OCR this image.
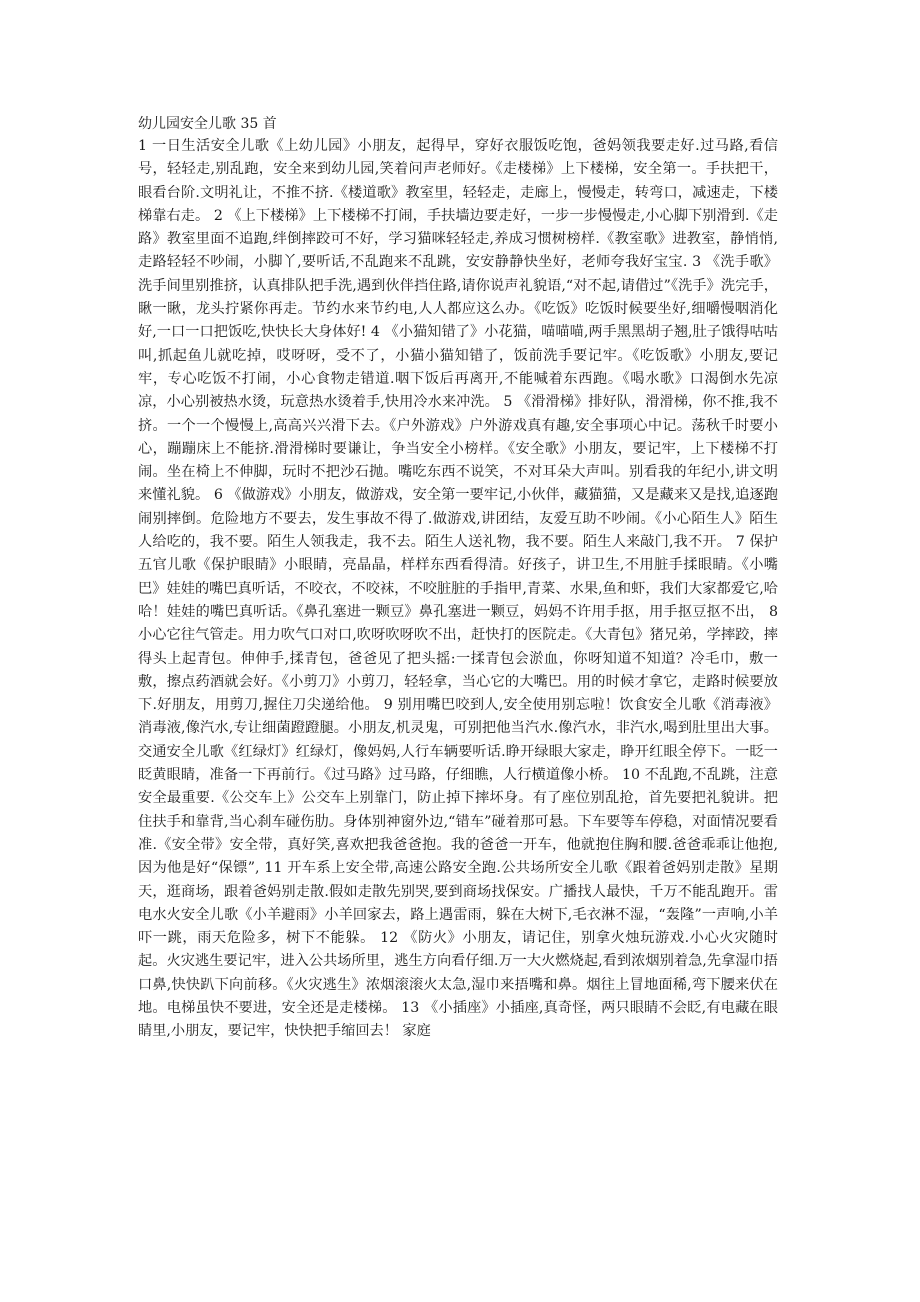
幼儿园安全儿歌 35 首
1 一日生活安全儿歌《上幼儿园》小朋友，起得早，穿好衣服饭吃饱，爸妈领我要走好.过马路,看信号，轻轻走,别乱跑，安全来到幼儿园,笑着问声老师好。《走楼梯》上下楼梯，安全第一。手扶把干，眼看台阶.文明礼让，不推不挤.《楼道歌》教室里，轻轻走，走廊上，慢慢走，转弯口，减速走，下楼梯靠右走。 2 《上下楼梯》上下楼梯不打闹，手扶墙边要走好，一步一步慢慢走,小心脚下别滑到.《走路》教室里面不追跑,绊倒摔跤可不好，学习猫咪轻轻走,养成习惯树榜样.《教室歌》进教室，静悄悄,走路轻轻不吵闹，小脚丫,要听话,不乱跑来不乱跳，安安静静快坐好，老师夸我好宝宝. 3 《洗手歌》洗手间里别推挤，认真排队把手洗,遇到伙伴挡住路,请你说声礼貌语,“对不起,请借过”《洗手》洗完手，瞅一瞅，龙头拧紧你再走。节约水来节约电,人人都应这么办。《吃饭》吃饭时候要坐好,细嚼慢咽消化好,一口一口把饭吃,快快长大身体好! 4 《小猫知错了》小花猫，喵喵喵,两手黑黑胡子翘,肚子饿得咕咕叫,抓起鱼儿就吃掉，哎呀呀，受不了，小猫小猫知错了，饭前洗手要记牢。《吃饭歌》小朋友,要记牢，专心吃饭不打闹，小心食物走错道.咽下饭后再离开,不能喊着东西跑。《喝水歌》口渴倒水先凉凉，小心别被热水烫，玩意热水烫着手,快用冷水来冲洗。 5 《滑滑梯》排好队，滑滑梯，你不推,我不挤。一个一个慢慢上,高高兴兴滑下去。《户外游戏》户外游戏真有趣,安全事项心中记。荡秋千时要小心，蹦蹦床上不能挤.滑滑梯时要谦让，争当安全小榜样。《安全歌》小朋友，要记牢，上下楼梯不打闹。坐在椅上不伸脚，玩时不把沙石抛。嘴吃东西不说笑，不对耳朵大声叫。别看我的年纪小,讲文明来懂礼貌。 6 《做游戏》小朋友，做游戏，安全第一要牢记,小伙伴，藏猫猫，又是藏来又是找,追逐跑闹别摔倒。危险地方不要去，发生事故不得了.做游戏,讲团结，友爱互助不吵闹。《小心陌生人》陌生人给吃的，我不要。陌生人领我走，我不去。陌生人送礼物，我不要。陌生人来敲门,我不开。 7 保护五官儿歌《保护眼睛》小眼睛，亮晶晶，样样东西看得清。好孩子，讲卫生,不用脏手揉眼睛。《小嘴巴》娃娃的嘴巴真听话，不咬衣，不咬袜，不咬脏脏的手指甲,青菜、水果,鱼和虾，我们大家都爱它,哈哈！娃娃的嘴巴真听话。《鼻孔塞进一颗豆》鼻孔塞进一颗豆，妈妈不许用手抠，用手抠豆抠不出， 8 小心它往气管走。用力吹气口对口,吹呀吹呀吹不出，赶快打的医院走。《大青包》猪兄弟，学摔跤，摔得头上起青包。伸伸手,揉青包，爸爸见了把头摇:一揉青包会淤血，你呀知道不知道？冷毛巾，敷一敷，擦点药酒就会好。《小剪刀》小剪刀，轻轻拿，当心它的大嘴巴。用的时候才拿它，走路时候要放下.好朋友，用剪刀,握住刀尖递给他。 9 别用嘴巴咬到人,安全使用别忘啦！饮食安全儿歌《消毒液》消毒液,像汽水,专让细菌蹬蹬腿。小朋友,机灵鬼，可别把他当汽水.像汽水，非汽水,喝到肚里出大事。交通安全儿歌《红绿灯》红绿灯，像妈妈,人行车辆要听话.睁开绿眼大家走，睁开红眼全停下。一眨一眨黄眼睛，准备一下再前行。《过马路》过马路，仔细瞧，人行横道像小桥。 10 不乱跑,不乱跳，注意安全最重要.《公交车上》公交车上别靠门，防止掉下摔坏身。有了座位别乱抢，首先要把礼貌讲。把住扶手和靠背,当心刹车碰伤肋。身体别神窗外边,“错车”碰着那可悬。下车要等车停稳，对面情况要看准.《安全带》安全带，真好笑,喜欢把我爸爸抱。我的爸爸一开车，他就抱住胸和腰.爸爸乖乖让他抱,因为他是好“保镖”, 11 开车系上安全带,高速公路安全跑.公共场所安全儿歌《跟着爸妈别走散》星期天，逛商场，跟着爸妈别走散.假如走散先别哭,要到商场找保安。广播找人最快，千万不能乱跑开。雷电水火安全儿歌《小羊避雨》小羊回家去，路上遇雷雨，躲在大树下,毛衣淋不湿，“轰隆”一声响,小羊吓一跳，雨天危险多，树下不能躲。 12 《防火》小朋友，请记住，别拿火烛玩游戏.小心火灾随时起。火灾逃生要记牢，进入公共场所里，逃生方向看仔细.万一大火燃烧起,看到浓烟别着急,先拿湿巾捂口鼻,快快趴下向前移。《火灾逃生》浓烟滚滚火太急,湿巾来捂嘴和鼻。烟往上冒地面稀,弯下腰来伏在地。电梯虽快不要进，安全还是走楼梯。 13 《小插座》小插座,真奇怪，两只眼睛不会眨,有电藏在眼睛里,小朋友，要记牢，快快把手缩回去！ 家庭
